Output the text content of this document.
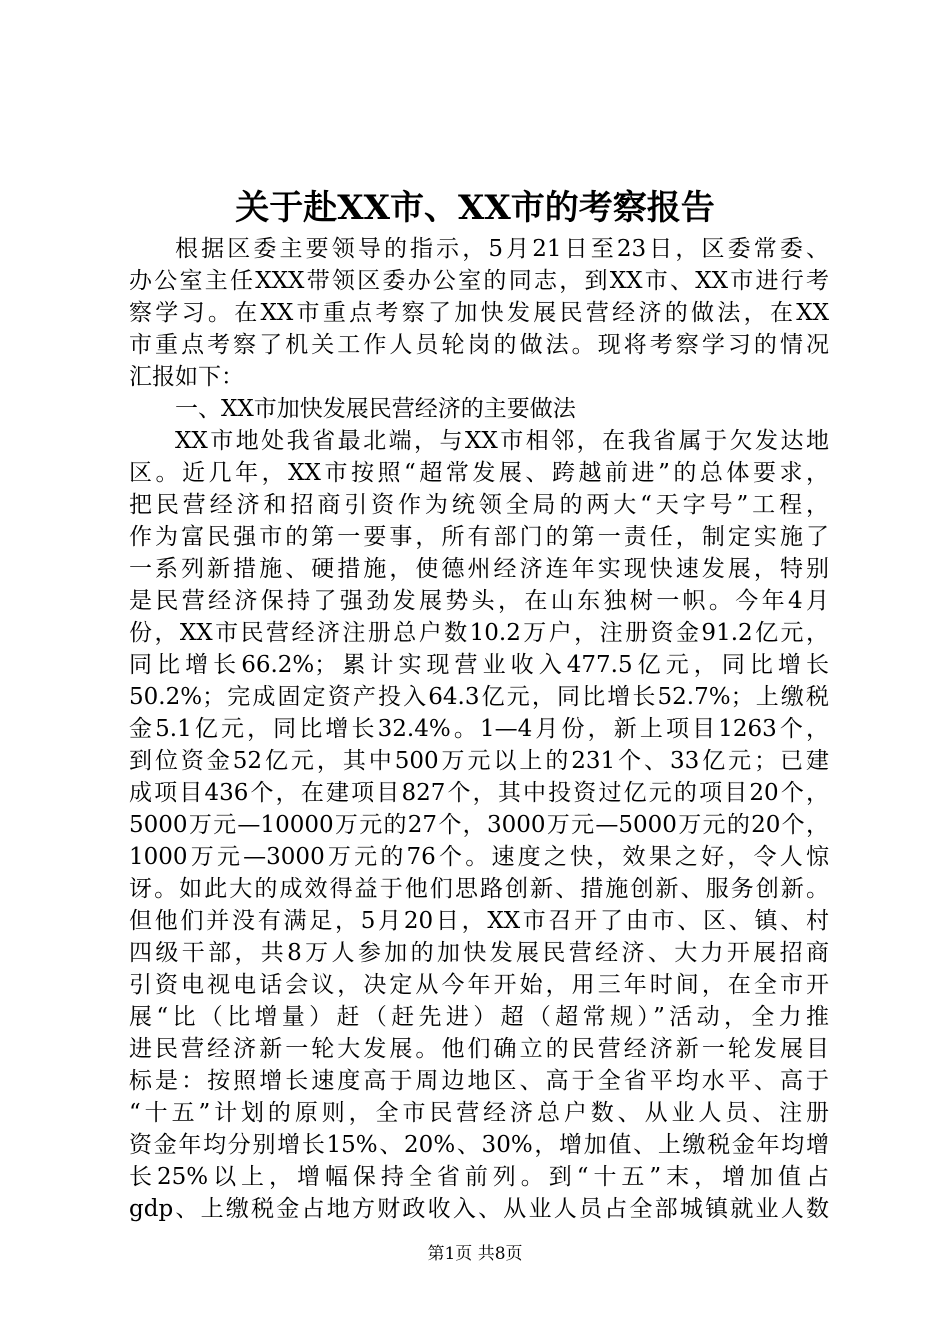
关于赴XX市、XX市的考察报告
根据区委主要领导的指示，5月21日至23日，区委常委、
办公室主任XXX带领区委办公室的同志，到XX市、XX市进行考
察学习。在XX市重点考察了加快发展民营经济的做法，在XX
市重点考察了机关工作人员轮岗的做法。现将考察学习的情况
汇报如下：
一、XX市加快发展民营经济的主要做法
XX市地处我省最北端，与XX市相邻，在我省属于欠发达地
区。近几年，XX市按照“超常发展、跨越前进”的总体要求，
把民营经济和招商引资作为统领全局的两大“天字号”工程，
作为富民强市的第一要事，所有部门的第一责任，制定实施了
一系列新措施、硬措施，使德州经济连年实现快速发展，特别
是民营经济保持了强劲发展势头，在山东独树一帜。今年4月
份，XX市民营经济注册总户数10.2万户，注册资金91.2亿元，
同比增长66.2%；累计实现营业收入477.5亿元，同比增长
50.2%；完成固定资产投入64.3亿元，同比增长52.7%；上缴税
金5.1亿元，同比增长32.4%。1—4月份，新上项目1263个，
到位资金52亿元，其中500万元以上的231个、33亿元；已建
成项目436个，在建项目827个，其中投资过亿元的项目20个，
5000万元—10000万元的27个，3000万元—5000万元的20个，
1000万元—3000万元的76个。速度之快，效果之好，令人惊
讶。如此大的成效得益于他们思路创新、措施创新、服务创新。
但他们并没有满足，5月20日，XX市召开了由市、区、镇、村
四级干部，共8万人参加的加快发展民营经济、大力开展招商
引资电视电话会议，决定从今年开始，用三年时间，在全市开
展“比（比增量）赶（赶先进）超（超常规）”活动，全力推
进民营经济新一轮大发展。他们确立的民营经济新一轮发展目
标是：按照增长速度高于周边地区、高于全省平均水平、高于
“十五”计划的原则，全市民营经济总户数、从业人员、注册
资金年均分别增长15%、20%、30%，增加值、上缴税金年均增
长25%以上，增幅保持全省前列。到“十五”末，增加值占
gdp、上缴税金占地方财政收入、从业人员占全部城镇就业人数
第1页 共8页
